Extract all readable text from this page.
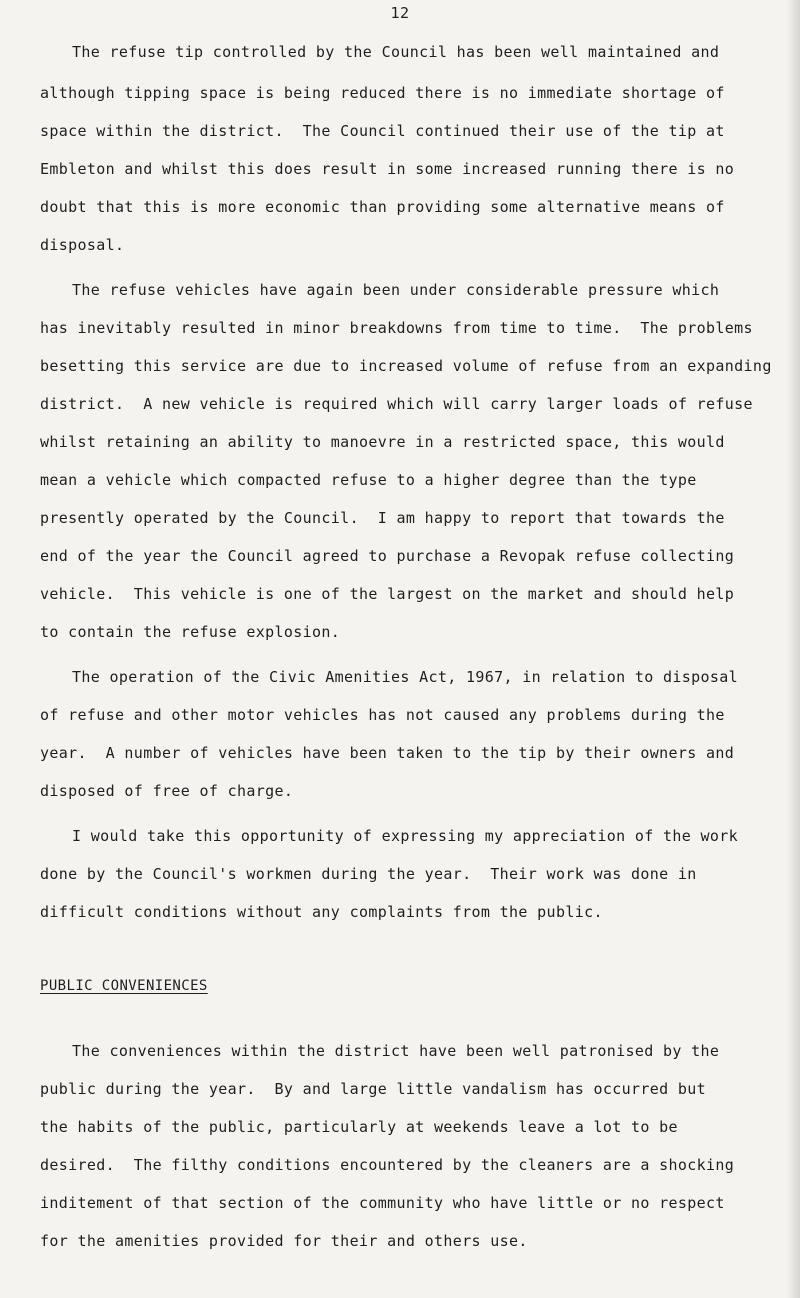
12
The refuse tip controlled by the Council has been well maintained and
although tipping space is being reduced there is no immediate shortage of
space within the district.  The Council continued their use of the tip at
Embleton and whilst this does result in some increased running there is no
doubt that this is more economic than providing some alternative means of
disposal.
The refuse vehicles have again been under considerable pressure which
has inevitably resulted in minor breakdowns from time to time.  The problems
besetting this service are due to increased volume of refuse from an expanding
district.  A new vehicle is required which will carry larger loads of refuse
whilst retaining an ability to manoevre in a restricted space, this would
mean a vehicle which compacted refuse to a higher degree than the type
presently operated by the Council.  I am happy to report that towards the
end of the year the Council agreed to purchase a Revopak refuse collecting
vehicle.  This vehicle is one of the largest on the market and should help
to contain the refuse explosion.
The operation of the Civic Amenities Act, 1967, in relation to disposal
of refuse and other motor vehicles has not caused any problems during the
year.  A number of vehicles have been taken to the tip by their owners and
disposed of free of charge.
I would take this opportunity of expressing my appreciation of the work
done by the Council's workmen during the year.  Their work was done in
difficult conditions without any complaints from the public.
PUBLIC CONVENIENCES
The conveniences within the district have been well patronised by the
public during the year.  By and large little vandalism has occurred but
the habits of the public, particularly at weekends leave a lot to be
desired.  The filthy conditions encountered by the cleaners are a shocking
inditement of that section of the community who have little or no respect
for the amenities provided for their and others use.
